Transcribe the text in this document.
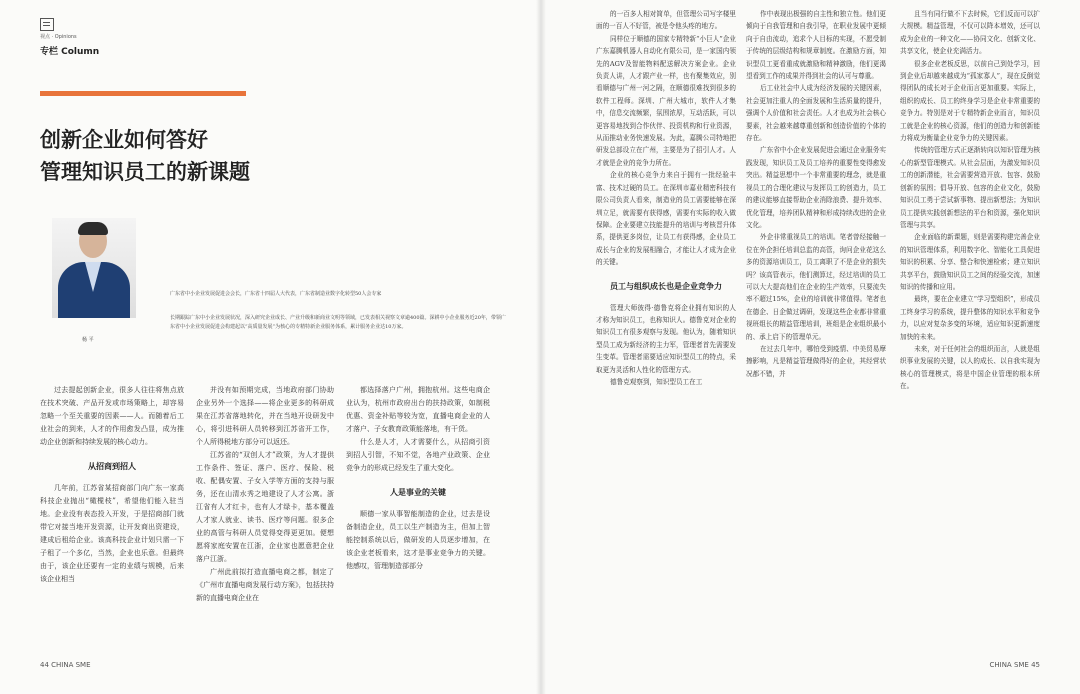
视点 · Opinions
专栏 Column
创新企业如何答好
管理知识员工的新课题
杨 平
广东省中小企业发展促进会会长，广东省十四届人大代表，广东省制造业数字化转型50人会专家
长期跟踪广东中小企业发展状况，深入研究企业成长、产业升级和新商业文明等领域，已发表相关视察文章逾400篇。深耕中小企业服务近20年，带领广东省中小企业发展促进会构建起以“高质量发展”为核心的专精特新企业服务体系，累计服务企业达10万家。

过去提起创新企业，很多人往往将焦点放在技术突破、产品开发或市场策略上，却容易忽略一个至关重要的因素——人。而随着后工业社会的到来，人才的作用愈发凸显，成为推动企业创新和持续发展的核心动力。

从招商到招人

几年前，江苏省某招商部门向广东一家高科技企业抛出“橄榄枝”，希望他们能入驻当地。企业没有表态投入开发，于是招商部门就带它对接当地开发资源，让开发商出资建设，建成后租给企业。该高科技企业计划只需一下子租了一个多亿，当然，企业也乐意。但最终由于，该企业还要有一定的业绩与规模，后来该企业相当

并没有如预期完成，当地政府部门协助企业另外一个选择——将企业更多的科研成果在江苏省落地转化，并在当地开设研发中心，将引进科研人员转移到江苏省开工作，个人所得税地方部分可以返还。

江苏省的“双创人才”政策，为人才提供工作条件、签证、落户、医疗、保险、税收、配偶安置、子女入学等方面的支持与服务，还在山清水秀之地建设了人才公寓。浙江省有人才红卡，也有人才绿卡，基本覆盖人才家人就业、读书、医疗等问题。很多企业的高管与科研人员觉得变得更更加。便想愿将家庭安置在江浙，企业家也愿意把企业落户江浙。

广州此前拟打造直播电商之都，制定了《广州市直播电商发展行动方案》，包括扶持新的直播电商企业在

都选择落户广州，拥抱杭州。这些电商企业认为，杭州市政府出台的扶持政策，如制税优惠、资金补贴等较为宽，直播电商企业的人才落户、子女教育政策能落地，有干货。

什么是人才，人才需要什么，从招商引资到招人引智，不知不觉，各地产业政策、企业竞争力的形成已经发生了重大变化。

人是事业的关键

顺德一家从事智能制造的企业，过去是设备制造企业，员工以生产制造为主，但加上智能控制系统以后，做研发的人员逐步增加，在该企业老板看来，这才是事业竞争力的关键。他感叹，管理制造部部分

44 CHINA SME

的一百多人相对简单，但管理公司写字楼里面的一百人不好管，被是令他头疼的地方。

同样位于顺德的国家专精特新“小巨人”企业广东嘉腾机器人自动化有限公司，是一家国内领先的AGV及智能物料配送解决方案企业。企业负责人讲，人才跟产业一样，也有聚集效应，别看顺德与广州一河之隔，在顺德很难找到很多的软件工程师。深圳、广州大城市，软件人才集中，信息交流频繁，氛围浓厚，互动活跃，可以更容易地找到合作伙伴、投资机构和行业资源，从而推动业务快速发展。为此，嘉腾公司特地把研发总部设立在广州，主要是为了招引人才。人才就是企业的竞争力所在。

企业的核心竞争力来自于拥有一批经验丰富、技术过硬的员工。在深圳市嘉业精密科技有限公司负责人看来，制造业的员工需要能够在深圳立足，就需要有获得感，需要有实际的收入做保障。企业要建立技能提升的培训与考核晋升体系，提供更多岗位，让员工有获得感，企业员工成长与企业的发展相融合，才能让人才成为企业的关键。

员工与组织成长也是企业竞争力

管理大师彼得·德鲁克将企业拥有知识的人才称为知识员工，也称知识人。德鲁克对企业的知识员工有很多观察与发现。他认为，随着知识型员工成为新经济的主力军，管理者首先需要发生变革。管理者需要适应知识型员工的特点，采取更为灵活和人性化的管理方式。

德鲁克观察到，知识型员工在工

作中表现出极强的自主性和独立性。他们更倾向于自我管理和自我引导，在职业发展中更倾向于自由流动，追求个人目标的实现，不愿受制于传统的层级结构和规章制度。在激励方面，知识型员工更看重成就激励和精神激励，他们更渴望看到工作的成果并得到社会的认可与尊重。

后工业社会中人成为经济发展的关键因素，社会更加注重人的全面发展和生活质量的提升，强调个人价值和社会责任。人才也成为社会核心要素，社会越来越尊重创新和创造价值的个体的存在。

广东省中小企业发展促进会通过企业服务实践发现，知识员工及员工培养的重要性变得愈发突出。精益思想中一个非常重要的理念，就是重视员工的合理化建议与发挥员工的创造力，员工的建议能够直接帮助企业消除浪费、提升效率、优化管理，培养团队精神和形成持续改进的企业文化。

外企非常重视员工的培训。笔者曾经接触一位在外企担任培训总监的高管，询问企业花这么多的资源培训员工，员工离职了不是企业的损失吗？该高管表示，他们测算过，经过培训的员工可以大大提高他们在企业的生产效率，只要流失率不超过15%，企业的培训就非常值得。笔者也在德企、日企做过调研，发现这些企业都非常重视班组长的精益管理培训，班组是企业组织最小的、承上启下的管理单元。

在过去几年中，哪怕受到疫情、中美贸易摩擦影响，凡是精益管理做得好的企业，其经营状况都不错，并

且当有同行做不下去时候，它们反而可以扩大规模。精益管理，不仅可以降本增效，还可以成为企业的一种文化——协同文化、创新文化、共享文化，使企业充满活力。

很多企业老板反思，以前自己到处学习，回到企业后却越来越成为“孤家寡人”，现在反倒觉得团队的成长对于企业而言更加重要。实际上，组织的成长、员工的终身学习是企业非常重要的竞争力。特别是对于专精特新企业而言，知识员工就是企业的核心资源，他们的创造力和创新能力将成为衡量企业竞争力的关键因素。

传统的管理方式正逐渐转向以知识管理为核心的新型管理模式。从社会层面，为激发知识员工的创新潜能，社会需要营造开放、包容、鼓励创新的氛围；倡导开放、包容的企业文化，鼓励知识员工勇于尝试新事物、提出新想法；为知识员工提供实践创新想法的平台和资源，强化知识管理与共享。

企业面临的新课题，则是需要构建完善企业的知识管理体系，利用数字化、智能化工具促进知识的积累、分享、整合和快速检索；建立知识共享平台，鼓励知识员工之间的经验交流，加速知识的传播和应用。

最终，要在企业建立“学习型组织”，形成员工终身学习的系统，提升整体的知识水平和竞争力，以应对复杂多变的环境，适应知识更新速度加快的未来。

未来，对于任何社会的组织而言，人就是组织事业发展的关键，以人的成长、以自我实现为核心的管理模式，将是中国企业管理的根本所在。

CHINA SME 45
